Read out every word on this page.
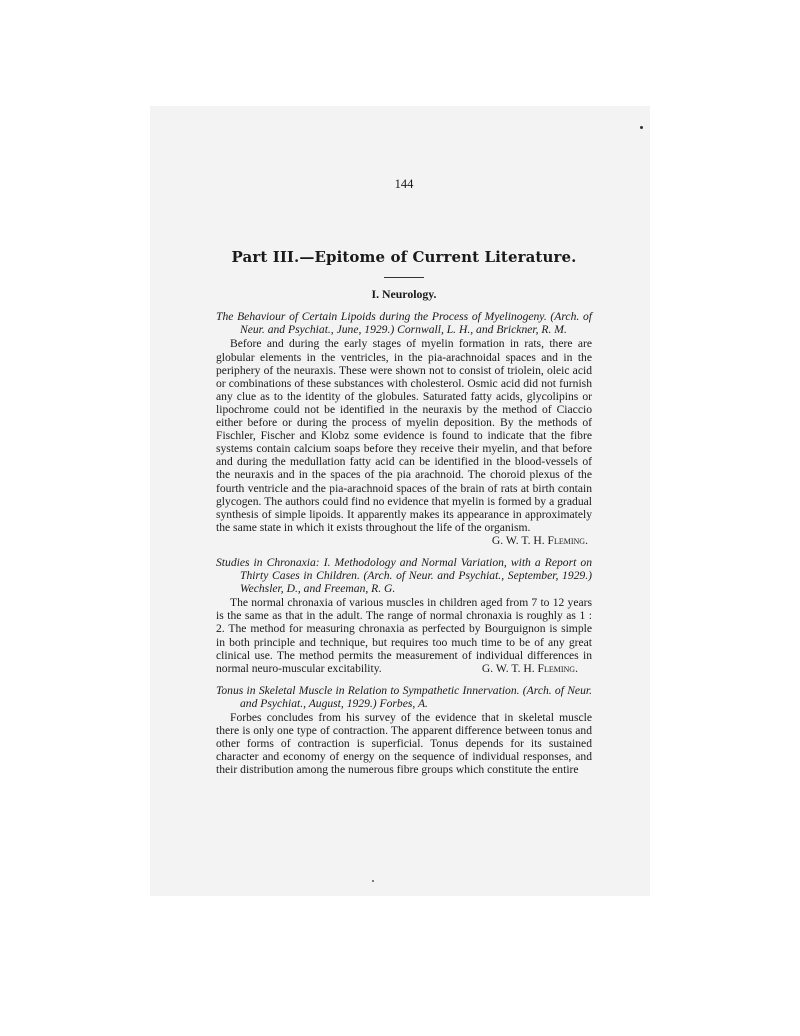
144
Part III.—Epitome of Current Literature.
I. Neurology.
The Behaviour of Certain Lipoids during the Process of Myelinogeny. (Arch. of Neur. and Psychiat., June, 1929.) Cornwall, L. H., and Brickner, R. M.
Before and during the early stages of myelin formation in rats, there are globular elements in the ventricles, in the pia-arachnoidal spaces and in the periphery of the neuraxis. These were shown not to consist of triolein, oleic acid or combinations of these substances with cholesterol. Osmic acid did not furnish any clue as to the identity of the globules. Saturated fatty acids, glycolipins or lipochrome could not be identified in the neuraxis by the method of Ciaccio either before or during the process of myelin deposition. By the methods of Fischler, Fischer and Klobz some evidence is found to indicate that the fibre systems contain calcium soaps before they receive their myelin, and that before and during the medullation fatty acid can be identified in the blood-vessels of the neuraxis and in the spaces of the pia arachnoid. The choroid plexus of the fourth ventricle and the pia-arachnoid spaces of the brain of rats at birth contain glycogen. The authors could find no evidence that myelin is formed by a gradual synthesis of simple lipoids. It apparently makes its appearance in approximately the same state in which it exists throughout the life of the organism.
G. W. T. H. Fleming.
Studies in Chronaxia: I. Methodology and Normal Variation, with a Report on Thirty Cases in Children. (Arch. of Neur. and Psychiat., September, 1929.) Wechsler, D., and Freeman, R. G.
The normal chronaxia of various muscles in children aged from 7 to 12 years is the same as that in the adult. The range of normal chronaxia is roughly as 1 : 2. The method for measuring chronaxia as perfected by Bourguignon is simple in both principle and technique, but requires too much time to be of any great clinical use. The method permits the measurement of individual differences in normal neuro-muscular excitability.	G. W. T. H. Fleming.
Tonus in Skeletal Muscle in Relation to Sympathetic Innervation. (Arch. of Neur. and Psychiat., August, 1929.) Forbes, A.
Forbes concludes from his survey of the evidence that in skeletal muscle there is only one type of contraction. The apparent difference between tonus and other forms of contraction is superficial. Tonus depends for its sustained character and economy of energy on the sequence of individual responses, and their distribution among the numerous fibre groups which constitute the entire
